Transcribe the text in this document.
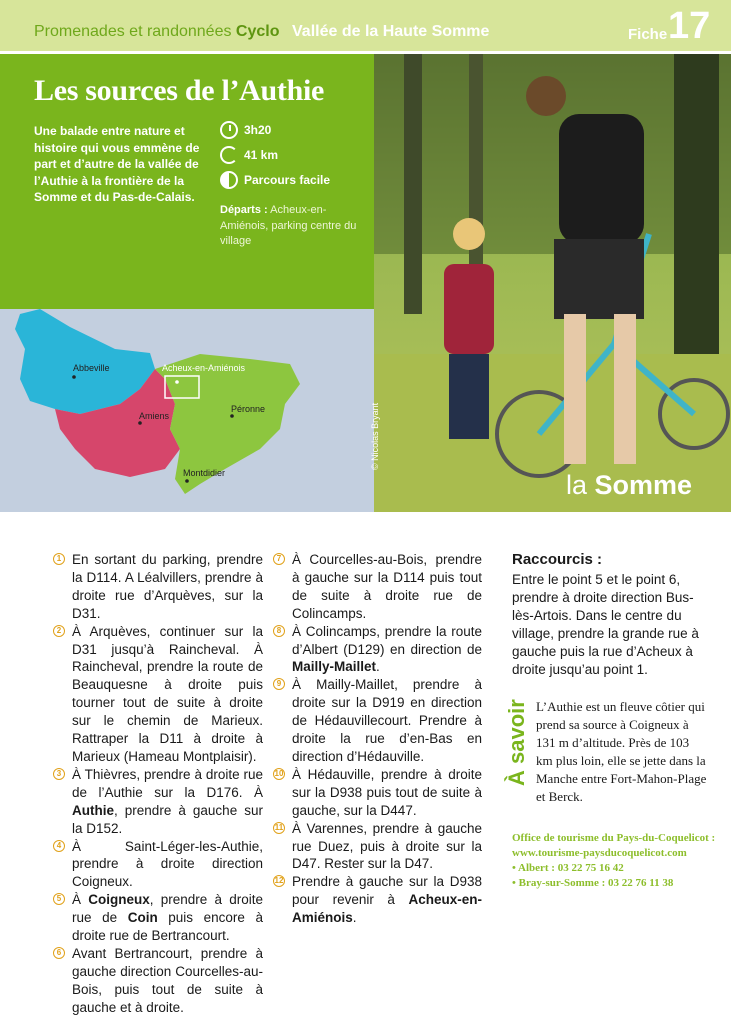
Promenades et randonnées Cyclo Vallée de la Haute Somme	Fiche 17
Les sources de l’Authie
Une balade entre nature et histoire qui vous emmène de part et d’autre de la vallée de l’Authie à la frontière de la Somme et du Pas-de-Calais.
3h20
41 km
Parcours facile
Départs : Acheux-en-Amiénois, parking centre du village
Abbeville	Acheux-en-Amiénois
Amiens
Péronne
Montdidier
© Nicolas Bryant
la Somme
1 En sortant du parking, prendre la D114. A Léalvillers, prendre à droite rue d’Arquèves, sur la D31.
2 À Arquèves, continuer sur la D31 jusqu’à Raincheval. À Raincheval, prendre la route de Beauquesne à droite puis tourner tout de suite à droite sur le chemin de Marieux. Rattraper la D11 à droite à Marieux (Hameau Montplaisir).
3 À Thièvres, prendre à droite rue de l’Authie sur la D176. À Authie, prendre à gauche sur la D152.
4 À Saint-Léger-les-Authie, prendre à droite direction Coigneux.
5 À Coigneux, prendre à droite rue de Coin puis encore à droite rue de Bertrancourt.
6 Avant Bertrancourt, prendre à gauche direction Courcelles-au-Bois, puis tout de suite à gauche et à droite.
7 À Courcelles-au-Bois, prendre à gauche sur la D114 puis tout de suite à droite rue de Colincamps.
8 À Colincamps, prendre la route d’Albert (D129) en direction de Mailly-Maillet.
9 À Mailly-Maillet, prendre à droite sur la D919 en direction de Hédauvillecourt. Prendre à droite la rue d’en-Bas en direction d’Hédauville.
10 À Hédauville, prendre à droite sur la D938 puis tout de suite à gauche, sur la D447.
11 À Varennes, prendre à gauche rue Duez, puis à droite sur la D47. Rester sur la D47.
12 Prendre à gauche sur la D938 pour revenir à Acheux-en-Amiénois.
Raccourcis :
Entre le point 5 et le point 6, prendre à droite direction Bus-lès-Artois. Dans le centre du village, prendre la grande rue à gauche puis la rue d’Acheux à droite jusqu’au point 1.
À savoir L’Authie est un fleuve côtier qui prend sa source à Coigneux à 131 m d’altitude. Près de 103 km plus loin, elle se jette dans la Manche entre Fort-Mahon-Plage et Berck.
Office de tourisme du Pays-du-Coquelicot :
www.tourisme-paysducoquelicot.com
• Albert : 03 22 75 16 42
• Bray-sur-Somme : 03 22 76 11 38
